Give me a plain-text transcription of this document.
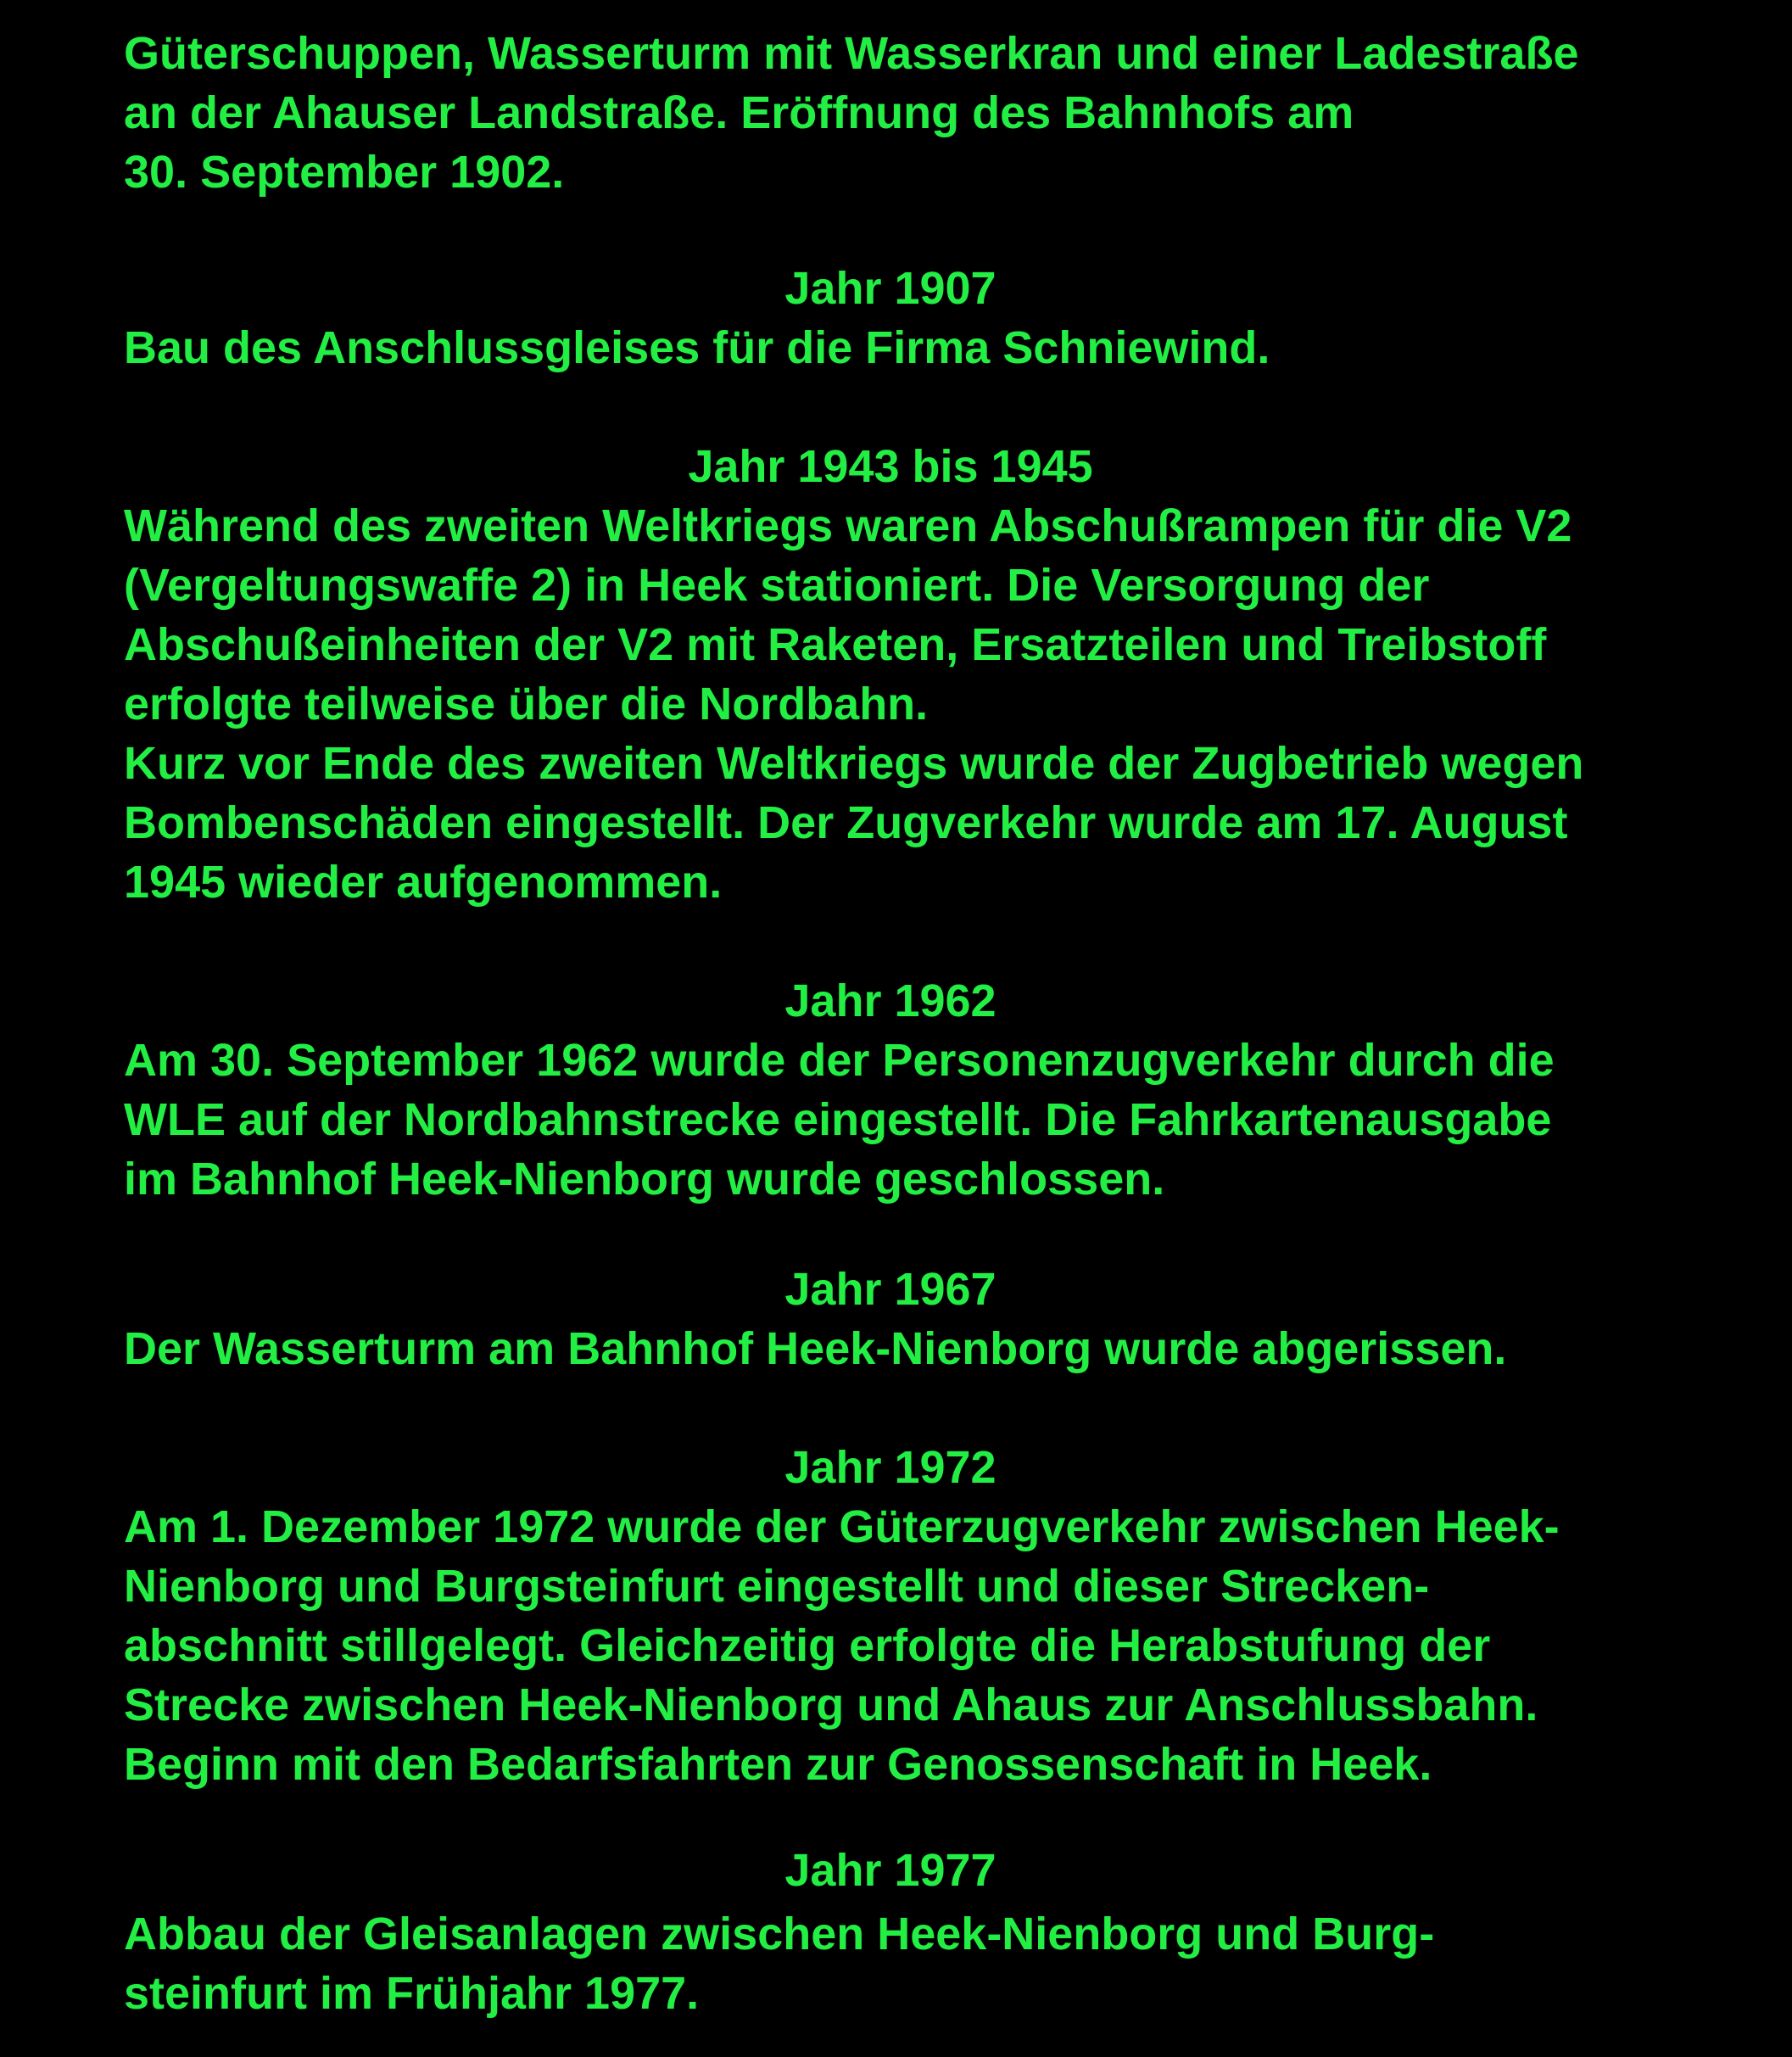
Güterschuppen, Wasserturm mit Wasserkran und einer Ladestraße
an der Ahauser Landstraße. Eröffnung des Bahnhofs am
30. September 1902.
Jahr 1907
Bau des Anschlussgleises für die Firma Schniewind.
Jahr 1943 bis 1945
Während des zweiten Weltkriegs waren Abschußrampen für die V2
(Vergeltungswaffe 2) in Heek stationiert. Die Versorgung der
Abschußeinheiten der V2 mit Raketen, Ersatzteilen und Treibstoff
erfolgte teilweise über die Nordbahn.
Kurz vor Ende des zweiten Weltkriegs wurde der Zugbetrieb wegen
Bombenschäden eingestellt. Der Zugverkehr wurde am 17. August
1945 wieder aufgenommen.
Jahr 1962
Am 30. September 1962 wurde der Personenzugverkehr durch die
WLE auf der Nordbahnstrecke eingestellt. Die Fahrkartenausgabe
im Bahnhof Heek-Nienborg wurde geschlossen.
Jahr 1967
Der Wasserturm am Bahnhof Heek-Nienborg wurde abgerissen.
Jahr 1972
Am 1. Dezember 1972 wurde der Güterzugverkehr zwischen Heek-
Nienborg und Burgsteinfurt eingestellt und dieser Strecken-
abschnitt stillgelegt. Gleichzeitig erfolgte die Herabstufung der
Strecke zwischen Heek-Nienborg und Ahaus zur Anschlussbahn.
Beginn mit den Bedarfsfahrten zur Genossenschaft in Heek.
Jahr 1977
Abbau der Gleisanlagen zwischen Heek-Nienborg und Burg-
steinfurt im Frühjahr 1977.
